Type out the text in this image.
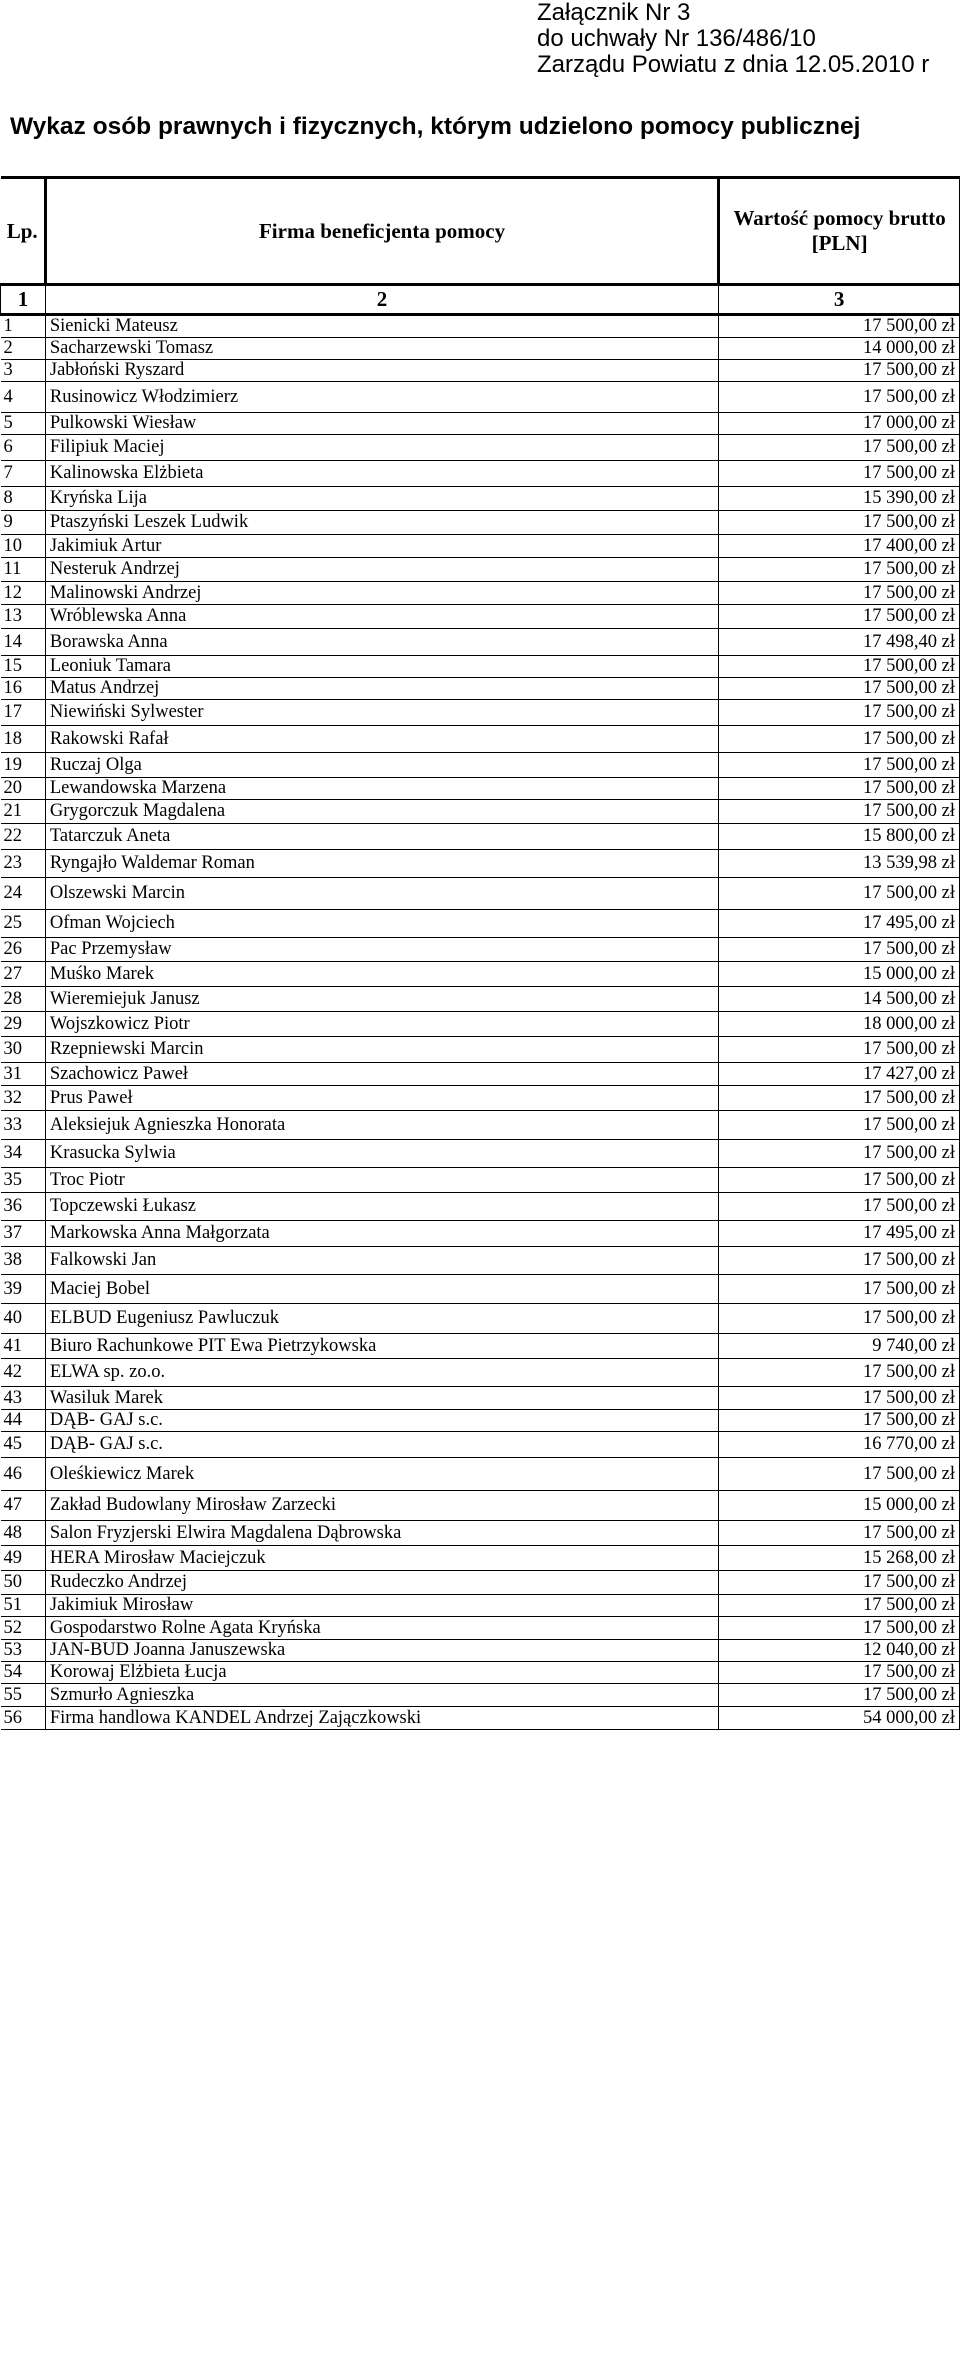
Załącznik Nr 3
do uchwały Nr 136/486/10
Zarządu Powiatu z dnia 12.05.2010 r
Wykaz osób prawnych i fizycznych, którym udzielono pomocy publicznej
Lp.	Firma beneficjenta pomocy	Wartość pomocy brutto
[PLN]
1	2	3
1	Sienicki Mateusz	17 500,00 zł
2	Sacharzewski Tomasz	14 000,00 zł
3	Jabłoński Ryszard	17 500,00 zł
4	Rusinowicz Włodzimierz	17 500,00 zł
5	Pulkowski Wiesław	17 000,00 zł
6	Filipiuk Maciej	17 500,00 zł
7	Kalinowska Elżbieta	17 500,00 zł
8	Kryńska Lija	15 390,00 zł
9	Ptaszyński Leszek Ludwik	17 500,00 zł
10	Jakimiuk Artur	17 400,00 zł
11	Nesteruk Andrzej	17 500,00 zł
12	Malinowski Andrzej	17 500,00 zł
13	Wróblewska Anna	17 500,00 zł
14	Borawska Anna	17 498,40 zł
15	Leoniuk Tamara	17 500,00 zł
16	Matus Andrzej	17 500,00 zł
17	Niewiński Sylwester	17 500,00 zł
18	Rakowski Rafał	17 500,00 zł
19	Ruczaj Olga	17 500,00 zł
20	Lewandowska Marzena	17 500,00 zł
21	Grygorczuk Magdalena	17 500,00 zł
22	Tatarczuk Aneta	15 800,00 zł
23	Ryngajło Waldemar Roman	13 539,98 zł
24	Olszewski Marcin	17 500,00 zł
25	Ofman Wojciech	17 495,00 zł
26	Pac Przemysław	17 500,00 zł
27	Muśko Marek	15 000,00 zł
28	Wieremiejuk Janusz	14 500,00 zł
29	Wojszkowicz Piotr	18 000,00 zł
30	Rzepniewski Marcin	17 500,00 zł
31	Szachowicz Paweł	17 427,00 zł
32	Prus Paweł	17 500,00 zł
33	Aleksiejuk Agnieszka Honorata	17 500,00 zł
34	Krasucka Sylwia	17 500,00 zł
35	Troc Piotr	17 500,00 zł
36	Topczewski Łukasz	17 500,00 zł
37	Markowska Anna Małgorzata	17 495,00 zł
38	Falkowski Jan	17 500,00 zł
39	Maciej Bobel	17 500,00 zł
40	ELBUD Eugeniusz Pawluczuk	17 500,00 zł
41	Biuro Rachunkowe PIT Ewa Pietrzykowska	9 740,00 zł
42	ELWA sp. zo.o.	17 500,00 zł
43	Wasiluk Marek	17 500,00 zł
44	DĄB- GAJ s.c.	17 500,00 zł
45	DĄB- GAJ s.c.	16 770,00 zł
46	Oleśkiewicz Marek	17 500,00 zł
47	Zakład Budowlany Mirosław Zarzecki	15 000,00 zł
48	Salon Fryzjerski Elwira Magdalena Dąbrowska	17 500,00 zł
49	HERA Mirosław Maciejczuk	15 268,00 zł
50	Rudeczko Andrzej	17 500,00 zł
51	Jakimiuk Mirosław	17 500,00 zł
52	Gospodarstwo Rolne Agata Kryńska	17 500,00 zł
53	JAN-BUD Joanna Januszewska	12 040,00 zł
54	Korowaj Elżbieta Łucja	17 500,00 zł
55	Szmurło Agnieszka	17 500,00 zł
56	Firma handlowa KANDEL Andrzej Zajączkowski	54 000,00 zł
